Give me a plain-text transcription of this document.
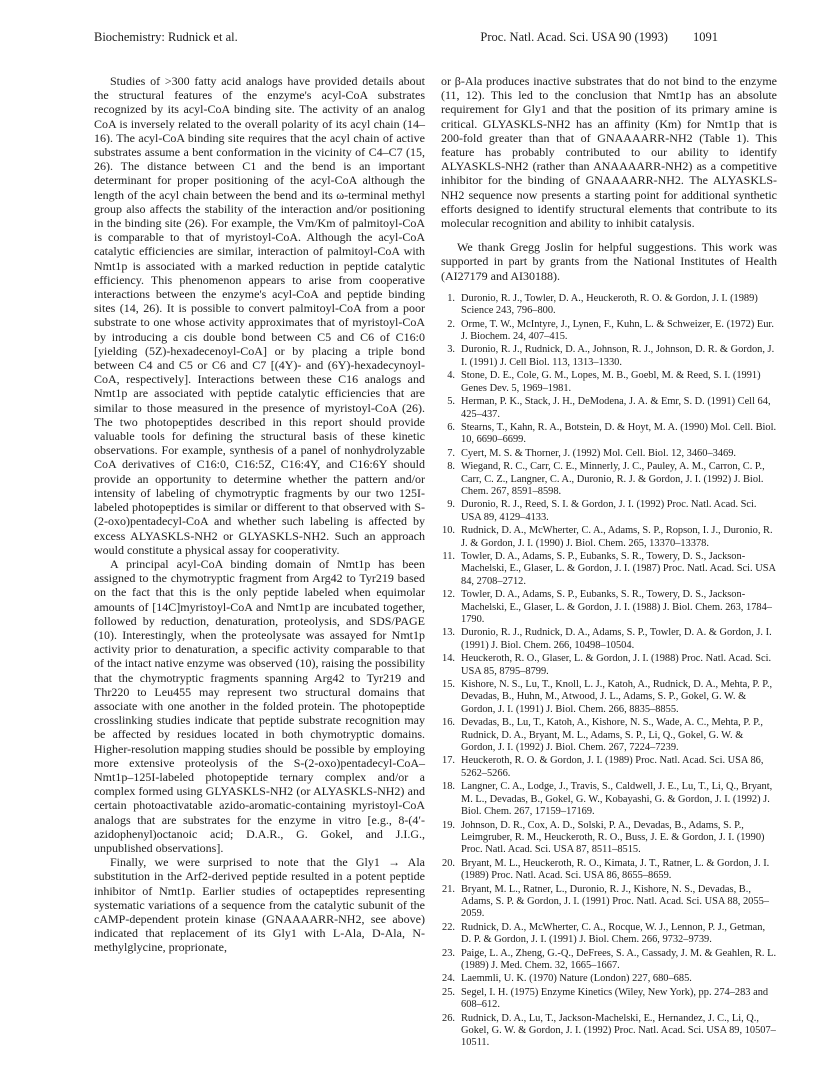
Biochemistry: Rudnick et al.	Proc. Natl. Acad. Sci. USA 90 (1993) 1091

Studies of >300 fatty acid analogs have provided details about the structural features of the enzyme's acyl-CoA substrates recognized by its acyl-CoA binding site. The activity of an analog CoA is inversely related to the overall polarity of its acyl chain (14–16). The acyl-CoA binding site requires that the acyl chain of active substrates assume a bent conformation in the vicinity of C4–C7 (15, 26). The distance between C1 and the bend is an important determinant for proper positioning of the acyl-CoA although the length of the acyl chain between the bend and its ω-terminal methyl group also affects the stability of the interaction and/or positioning in the binding site (26). For example, the Vm/Km of palmitoyl-CoA is comparable to that of myristoyl-CoA. Although the acyl-CoA catalytic efficiencies are similar, interaction of palmitoyl-CoA with Nmt1p is associated with a marked reduction in peptide catalytic efficiency. This phenomenon appears to arise from cooperative interactions between the enzyme's acyl-CoA and peptide binding sites (14, 26). It is possible to convert palmitoyl-CoA from a poor substrate to one whose activity approximates that of myristoyl-CoA by introducing a cis double bond between C5 and C6 of C16:0 [yielding (5Z)-hexadecenoyl-CoA] or by placing a triple bond between C4 and C5 or C6 and C7 [(4Y)- and (6Y)-hexadecynoyl-CoA, respectively]. Interactions between these C16 analogs and Nmt1p are associated with peptide catalytic efficiencies that are similar to those measured in the presence of myristoyl-CoA (26). The two photopeptides described in this report should provide valuable tools for defining the structural basis of these kinetic observations. For example, synthesis of a panel of nonhydrolyzable CoA derivatives of C16:0, C16:5Z, C16:4Y, and C16:6Y should provide an opportunity to determine whether the pattern and/or intensity of labeling of chymotryptic fragments by our two 125I-labeled photopeptides is similar or different to that observed with S-(2-oxo)pentadecyl-CoA and whether such labeling is affected by excess ALYASKLS-NH2 or GLYASKLS-NH2. Such an approach would constitute a physical assay for cooperativity.

A principal acyl-CoA binding domain of Nmt1p has been assigned to the chymotryptic fragment from Arg42 to Tyr219 based on the fact that this is the only peptide labeled when equimolar amounts of [14C]myristoyl-CoA and Nmt1p are incubated together, followed by reduction, denaturation, proteolysis, and SDS/PAGE (10). Interestingly, when the proteolysate was assayed for Nmt1p activity prior to denaturation, a specific activity comparable to that of the intact native enzyme was observed (10), raising the possibility that the chymotryptic fragments spanning Arg42 to Tyr219 and Thr220 to Leu455 may represent two structural domains that associate with one another in the folded protein. The photopeptide crosslinking studies indicate that peptide substrate recognition may be affected by residues located in both chymotryptic domains. Higher-resolution mapping studies should be possible by employing more extensive proteolysis of the S-(2-oxo)pentadecyl-CoA–Nmt1p–125I-labeled photopeptide ternary complex and/or a complex formed using GLYASKLS-NH2 (or ALYASKLS-NH2) and certain photoactivatable azido-aromatic-containing myristoyl-CoA analogs that are substrates for the enzyme in vitro [e.g., 8-(4′-azidophenyl)octanoic acid; D.A.R., G. Gokel, and J.I.G., unpublished observations].

Finally, we were surprised to note that the Gly1 → Ala substitution in the Arf2-derived peptide resulted in a potent peptide inhibitor of Nmt1p. Earlier studies of octapeptides representing systematic variations of a sequence from the catalytic subunit of the cAMP-dependent protein kinase (GNAAAARR-NH2, see above) indicated that replacement of its Gly1 with L-Ala, D-Ala, N-methylglycine, proprionate,

or β-Ala produces inactive substrates that do not bind to the enzyme (11, 12). This led to the conclusion that Nmt1p has an absolute requirement for Gly1 and that the position of its primary amine is critical. GLYASKLS-NH2 has an affinity (Km) for Nmt1p that is 200-fold greater than that of GNAAAARR-NH2 (Table 1). This feature has probably contributed to our ability to identify ALYASKLS-NH2 (rather than ANAAAARR-NH2) as a competitive inhibitor for the binding of GNAAAARR-NH2. The ALYASKLS-NH2 sequence now presents a starting point for additional synthetic efforts designed to identify structural elements that contribute to its molecular recognition and ability to inhibit catalysis.

We thank Gregg Joslin for helpful suggestions. This work was supported in part by grants from the National Institutes of Health (AI27179 and AI30188).

1. Duronio, R. J., Towler, D. A., Heuckeroth, R. O. & Gordon, J. I. (1989) Science 243, 796–800.
2. Orme, T. W., McIntyre, J., Lynen, F., Kuhn, L. & Schweizer, E. (1972) Eur. J. Biochem. 24, 407–415.
3. Duronio, R. J., Rudnick, D. A., Johnson, R. J., Johnson, D. R. & Gordon, J. I. (1991) J. Cell Biol. 113, 1313–1330.
4. Stone, D. E., Cole, G. M., Lopes, M. B., Goebl, M. & Reed, S. I. (1991) Genes Dev. 5, 1969–1981.
5. Herman, P. K., Stack, J. H., DeModena, J. A. & Emr, S. D. (1991) Cell 64, 425–437.
6. Stearns, T., Kahn, R. A., Botstein, D. & Hoyt, M. A. (1990) Mol. Cell. Biol. 10, 6690–6699.
7. Cyert, M. S. & Thorner, J. (1992) Mol. Cell. Biol. 12, 3460–3469.
8. Wiegand, R. C., Carr, C. E., Minnerly, J. C., Pauley, A. M., Carron, C. P., Carr, C. Z., Langner, C. A., Duronio, R. J. & Gordon, J. I. (1992) J. Biol. Chem. 267, 8591–8598.
9. Duronio, R. J., Reed, S. I. & Gordon, J. I. (1992) Proc. Natl. Acad. Sci. USA 89, 4129–4133.
10. Rudnick, D. A., McWherter, C. A., Adams, S. P., Ropson, I. J., Duronio, R. J. & Gordon, J. I. (1990) J. Biol. Chem. 265, 13370–13378.
11. Towler, D. A., Adams, S. P., Eubanks, S. R., Towery, D. S., Jackson-Machelski, E., Glaser, L. & Gordon, J. I. (1987) Proc. Natl. Acad. Sci. USA 84, 2708–2712.
12. Towler, D. A., Adams, S. P., Eubanks, S. R., Towery, D. S., Jackson-Machelski, E., Glaser, L. & Gordon, J. I. (1988) J. Biol. Chem. 263, 1784–1790.
13. Duronio, R. J., Rudnick, D. A., Adams, S. P., Towler, D. A. & Gordon, J. I. (1991) J. Biol. Chem. 266, 10498–10504.
14. Heuckeroth, R. O., Glaser, L. & Gordon, J. I. (1988) Proc. Natl. Acad. Sci. USA 85, 8795–8799.
15. Kishore, N. S., Lu, T., Knoll, L. J., Katoh, A., Rudnick, D. A., Mehta, P. P., Devadas, B., Huhn, M., Atwood, J. L., Adams, S. P., Gokel, G. W. & Gordon, J. I. (1991) J. Biol. Chem. 266, 8835–8855.
16. Devadas, B., Lu, T., Katoh, A., Kishore, N. S., Wade, A. C., Mehta, P. P., Rudnick, D. A., Bryant, M. L., Adams, S. P., Li, Q., Gokel, G. W. & Gordon, J. I. (1992) J. Biol. Chem. 267, 7224–7239.
17. Heuckeroth, R. O. & Gordon, J. I. (1989) Proc. Natl. Acad. Sci. USA 86, 5262–5266.
18. Langner, C. A., Lodge, J., Travis, S., Caldwell, J. E., Lu, T., Li, Q., Bryant, M. L., Devadas, B., Gokel, G. W., Kobayashi, G. & Gordon, J. I. (1992) J. Biol. Chem. 267, 17159–17169.
19. Johnson, D. R., Cox, A. D., Solski, P. A., Devadas, B., Adams, S. P., Leimgruber, R. M., Heuckeroth, R. O., Buss, J. E. & Gordon, J. I. (1990) Proc. Natl. Acad. Sci. USA 87, 8511–8515.
20. Bryant, M. L., Heuckeroth, R. O., Kimata, J. T., Ratner, L. & Gordon, J. I. (1989) Proc. Natl. Acad. Sci. USA 86, 8655–8659.
21. Bryant, M. L., Ratner, L., Duronio, R. J., Kishore, N. S., Devadas, B., Adams, S. P. & Gordon, J. I. (1991) Proc. Natl. Acad. Sci. USA 88, 2055–2059.
22. Rudnick, D. A., McWherter, C. A., Rocque, W. J., Lennon, P. J., Getman, D. P. & Gordon, J. I. (1991) J. Biol. Chem. 266, 9732–9739.
23. Paige, L. A., Zheng, G.-Q., DeFrees, S. A., Cassady, J. M. & Geahlen, R. L. (1989) J. Med. Chem. 32, 1665–1667.
24. Laemmli, U. K. (1970) Nature (London) 227, 680–685.
25. Segel, I. H. (1975) Enzyme Kinetics (Wiley, New York), pp. 274–283 and 608–612.
26. Rudnick, D. A., Lu, T., Jackson-Machelski, E., Hernandez, J. C., Li, Q., Gokel, G. W. & Gordon, J. I. (1992) Proc. Natl. Acad. Sci. USA 89, 10507–10511.
